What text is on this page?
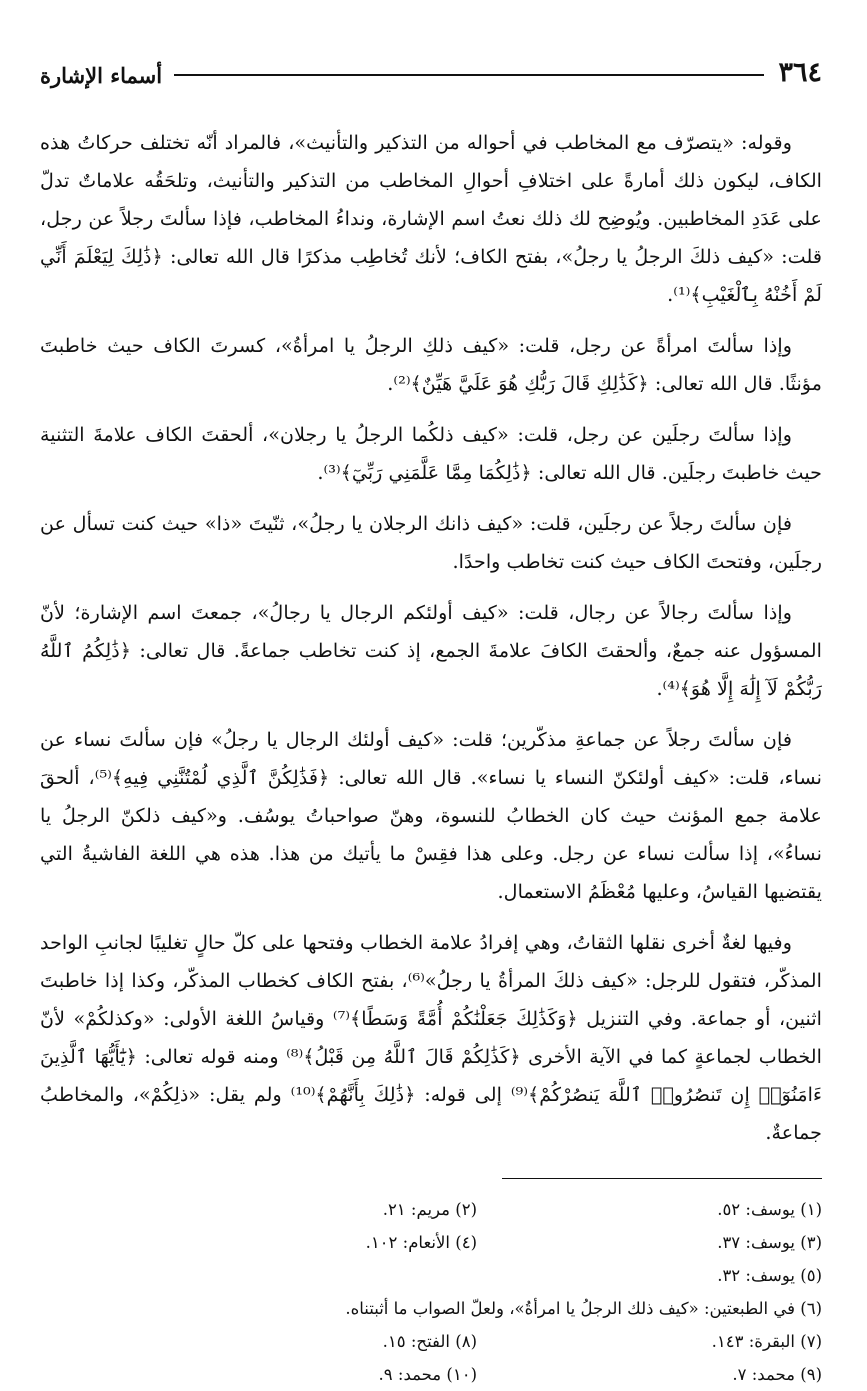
٣٦٤
أسماء الإشارة

وقوله: «يتصرّف مع المخاطب في أحواله من التذكير والتأنيث»، فالمراد أنّه تختلف حركاتُ هذه الكاف، ليكون ذلك أمارةً على اختلافِ أحوالِ المخاطب من التذكير والتأنيث، وتلحَقُه علاماتٌ تدلّ على عَدَدِ المخاطبين. ويُوضِح لك ذلك نعتُ اسم الإشارة، ونداءُ المخاطب، فإذا سألتَ رجلاً عن رجل، قلت: «كيف ذلكَ الرجلُ يا رجلُ»، بفتح الكاف؛ لأنك تُخاطِب مذكرًا قال الله تعالى: ﴿ذَٰلِكَ لِيَعْلَمَ أَنِّي لَمْ أَخُنْهُ بِٱلْغَيْبِ﴾⁽¹⁾.

وإذا سألتَ امرأةً عن رجل، قلت: «كيف ذلكِ الرجلُ يا امرأةُ»، كسرتَ الكاف حيث خاطبتَ مؤنثًا. قال الله تعالى: ﴿كَذَٰلِكِ قَالَ رَبُّكِ هُوَ عَلَيَّ هَيِّنٌ﴾⁽²⁾.

وإذا سألتَ رجلَين عن رجل، قلت: «كيف ذلكُما الرجلُ يا رجلان»، ألحقتَ الكاف علامةَ التثنية حيث خاطبتَ رجلَين. قال الله تعالى: ﴿ذَٰلِكُمَا مِمَّا عَلَّمَنِي رَبِّيٓ﴾⁽³⁾.

فإن سألتَ رجلاً عن رجلَين، قلت: «كيف ذانك الرجلان يا رجلُ»، ثنّيتَ «ذا» حيث كنت تسأل عن رجلَين، وفتحتَ الكاف حيث كنت تخاطب واحدًا.

وإذا سألتَ رجالاً عن رجال، قلت: «كيف أولئكم الرجال يا رجالُ»، جمعتَ اسم الإشارة؛ لأنّ المسؤول عنه جمعٌ، وألحقتَ الكافَ علامةَ الجمع، إذ كنت تخاطب جماعةً. قال تعالى: ﴿ذَٰلِكُمُ ٱللَّهُ رَبُّكُمْ لَآ إِلَٰهَ إِلَّا هُوَ﴾⁽⁴⁾.

فإن سألتَ رجلاً عن جماعةِ مذكّرين؛ قلت: «كيف أولئك الرجال يا رجلُ» فإن سألتَ نساء عن نساء، قلت: «كيف أولئكنّ النساء يا نساء». قال الله تعالى: ﴿فَذَٰلِكُنَّ ٱلَّذِي لُمْتُنَّنِي فِيهِ﴾⁽⁵⁾، ألحقَ علامة جمع المؤنث حيث كان الخطابُ للنسوة، وهنّ صواحباتُ يوسُف. و«كيف ذلكنّ الرجلُ يا نساءُ»، إذا سألت نساء عن رجل. وعلى هذا فقِسْ ما يأتيك من هذا. هذه هي اللغة الفاشيةُ التي يقتضيها القياسُ، وعليها مُعْظَمُ الاستعمال.

وفيها لغةٌ أخرى نقلها الثقاتُ، وهي إفرادُ علامة الخطاب وفتحها على كلّ حالٍ تغليبًا لجانبِ الواحد المذكّر، فتقول للرجل: «كيف ذلكَ المرأةُ يا رجلُ»⁽⁶⁾، بفتح الكاف كخطاب المذكّر، وكذا إذا خاطبتَ اثنين، أو جماعة. وفي التنزيل ﴿وَكَذَٰلِكَ جَعَلْنَٰكُمْ أُمَّةً وَسَطًا﴾⁽⁷⁾ وقياسُ اللغة الأولى: «وكذلكُمْ» لأنّ الخطاب لجماعةٍ كما في الآية الأخرى ﴿كَذَٰلِكُمْ قَالَ ٱللَّهُ مِن قَبْلُ﴾⁽⁸⁾ ومنه قوله تعالى: ﴿يَٰٓأَيُّهَا ٱلَّذِينَ ءَامَنُوٓا۟ إِن تَنصُرُوا۟ ٱللَّهَ يَنصُرْكُمْ﴾⁽⁹⁾ إلى قوله: ﴿ذَٰلِكَ بِأَنَّهُمْ﴾⁽¹⁰⁾ ولم يقل: «ذلِكُمْ»، والمخاطبُ جماعةٌ.

(١) يوسف: ٥٢.
(٢) مريم: ٢١.
(٣) يوسف: ٣٧.
(٤) الأنعام: ١٠٢.
(٥) يوسف: ٣٢.
(٦) في الطبعتين: «كيف ذلك الرجلُ يا امرأةُ»، ولعلّ الصواب ما أثبتناه.
(٧) البقرة: ١٤٣.
(٨) الفتح: ١٥.
(٩) محمد: ٧.
(١٠) محمد: ٩.
